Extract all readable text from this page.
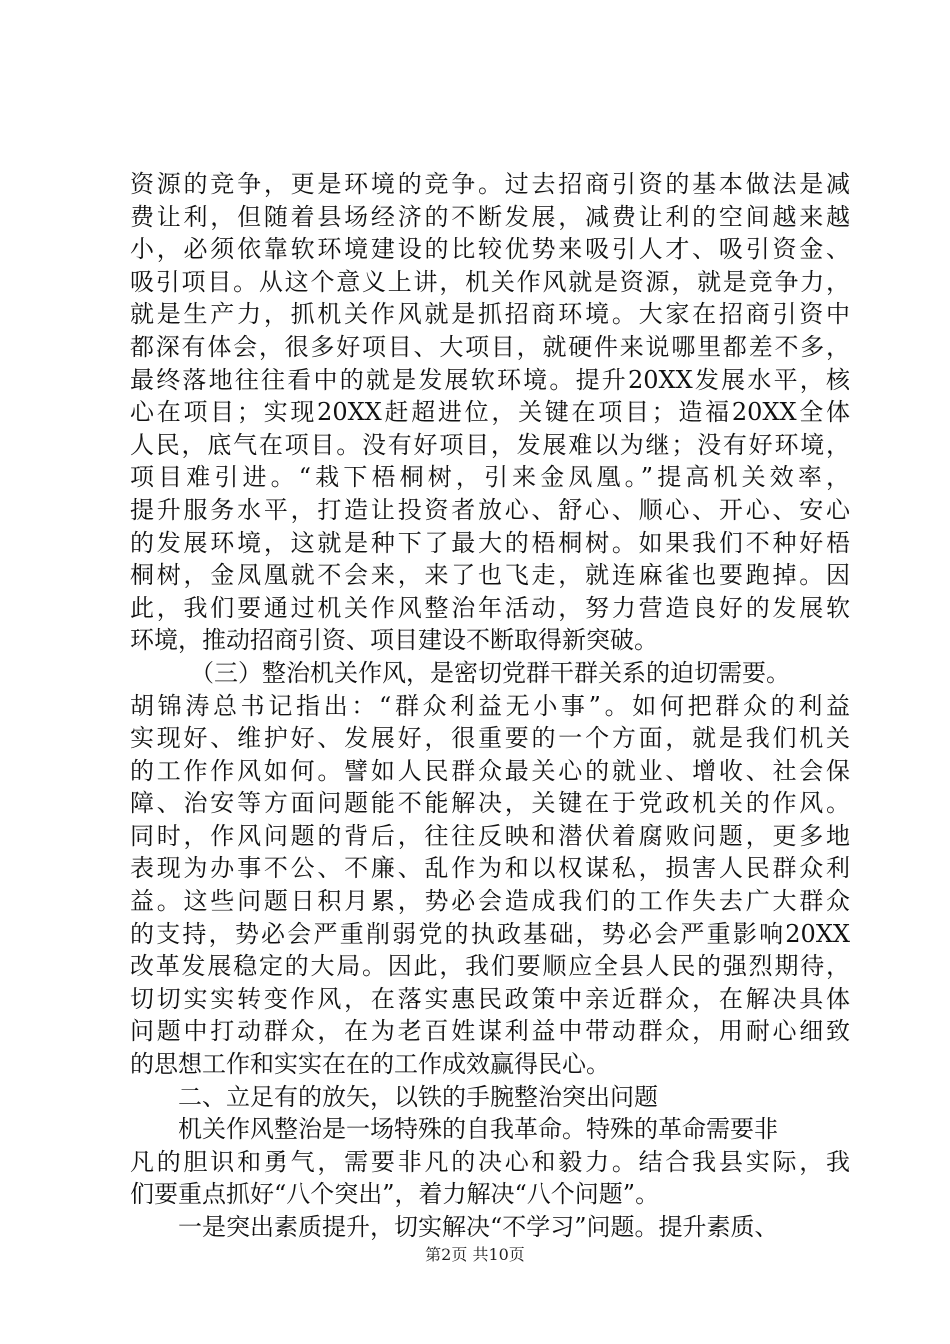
资源的竞争，更是环境的竞争。过去招商引资的基本做法是减
费让利，但随着县场经济的不断发展，减费让利的空间越来越
小，必须依靠软环境建设的比较优势来吸引人才、吸引资金、
吸引项目。从这个意义上讲，机关作风就是资源，就是竞争力，
就是生产力，抓机关作风就是抓招商环境。大家在招商引资中
都深有体会，很多好项目、大项目，就硬件来说哪里都差不多，
最终落地往往看中的就是发展软环境。提升20XX发展水平，核
心在项目；实现20XX赶超进位，关键在项目；造福20XX全体
人民，底气在项目。没有好项目，发展难以为继；没有好环境，
项目难引进。“栽下梧桐树，引来金凤凰。”提高机关效率，
提升服务水平，打造让投资者放心、舒心、顺心、开心、安心
的发展环境，这就是种下了最大的梧桐树。如果我们不种好梧
桐树，金凤凰就不会来，来了也飞走，就连麻雀也要跑掉。因
此，我们要通过机关作风整治年活动，努力营造良好的发展软
环境，推动招商引资、项目建设不断取得新突破。
（三）整治机关作风，是密切党群干群关系的迫切需要。
胡锦涛总书记指出：“群众利益无小事”。如何把群众的利益
实现好、维护好、发展好，很重要的一个方面，就是我们机关
的工作作风如何。譬如人民群众最关心的就业、增收、社会保
障、治安等方面问题能不能解决，关键在于党政机关的作风。
同时，作风问题的背后，往往反映和潜伏着腐败问题，更多地
表现为办事不公、不廉、乱作为和以权谋私，损害人民群众利
益。这些问题日积月累，势必会造成我们的工作失去广大群众
的支持，势必会严重削弱党的执政基础，势必会严重影响20XX
改革发展稳定的大局。因此，我们要顺应全县人民的强烈期待，
切切实实转变作风，在落实惠民政策中亲近群众，在解决具体
问题中打动群众，在为老百姓谋利益中带动群众，用耐心细致
的思想工作和实实在在的工作成效赢得民心。
二、立足有的放矢，以铁的手腕整治突出问题
机关作风整治是一场特殊的自我革命。特殊的革命需要非
凡的胆识和勇气，需要非凡的决心和毅力。结合我县实际，我
们要重点抓好“八个突出”，着力解决“八个问题”。
一是突出素质提升，切实解决“不学习”问题。提升素质、
第2页 共10页
